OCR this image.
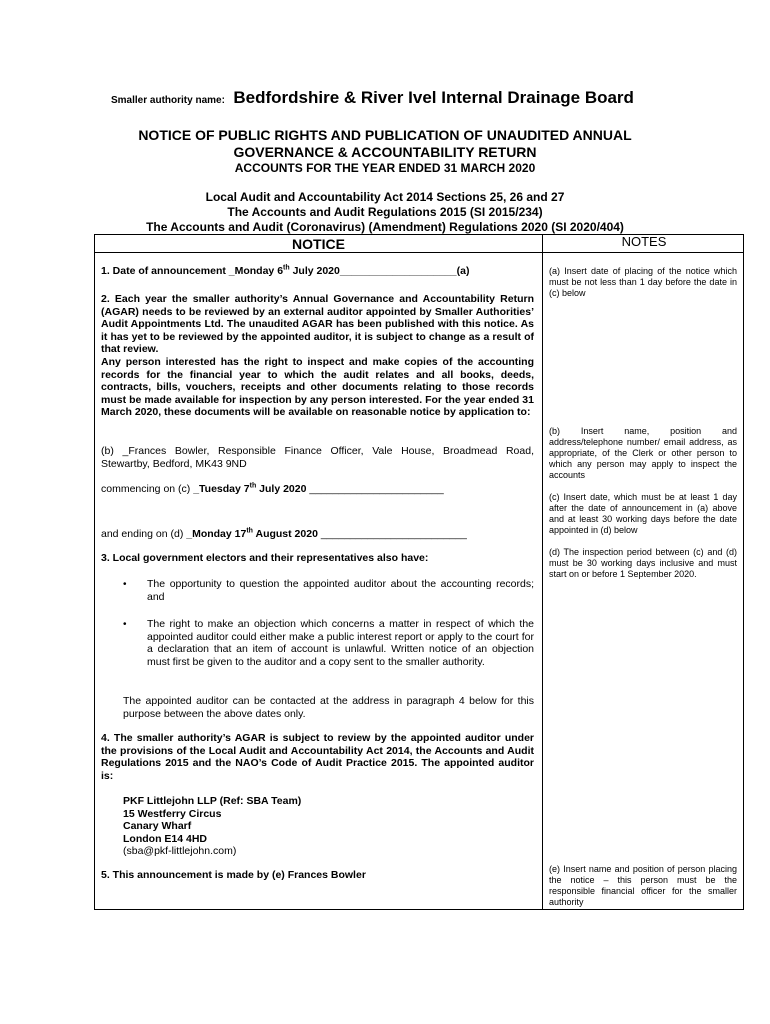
Smaller authority name: Bedfordshire & River Ivel Internal Drainage Board
NOTICE OF PUBLIC RIGHTS AND PUBLICATION OF UNAUDITED ANNUAL
GOVERNANCE & ACCOUNTABILITY RETURN
ACCOUNTS FOR THE YEAR ENDED 31 MARCH 2020
Local Audit and Accountability Act 2014 Sections 25, 26 and 27
The Accounts and Audit Regulations 2015 (SI 2015/234)
The Accounts and Audit (Coronavirus) (Amendment) Regulations 2020 (SI 2020/404)
NOTICE	NOTES
1. Date of announcement _Monday 6th July 2020____________________(a)
2. Each year the smaller authority’s Annual Governance and Accountability Return (AGAR) needs to be reviewed by an external auditor appointed by Smaller Authorities’ Audit Appointments Ltd. The unaudited AGAR has been published with this notice. As it has yet to be reviewed by the appointed auditor, it is subject to change as a result of that review.
Any person interested has the right to inspect and make copies of the accounting records for the financial year to which the audit relates and all books, deeds, contracts, bills, vouchers, receipts and other documents relating to those records must be made available for inspection by any person interested. For the year ended 31 March 2020, these documents will be available on reasonable notice by application to:
(b) _Frances Bowler, Responsible Finance Officer, Vale House, Broadmead Road, Stewartby, Bedford, MK43 9ND
commencing on (c) _Tuesday 7th July 2020 _______________________
and ending on (d) _Monday 17th August 2020 _________________________
3. Local government electors and their representatives also have:
• The opportunity to question the appointed auditor about the accounting records; and
• The right to make an objection which concerns a matter in respect of which the appointed auditor could either make a public interest report or apply to the court for a declaration that an item of account is unlawful. Written notice of an objection must first be given to the auditor and a copy sent to the smaller authority.
The appointed auditor can be contacted at the address in paragraph 4 below for this purpose between the above dates only.
4. The smaller authority’s AGAR is subject to review by the appointed auditor under the provisions of the Local Audit and Accountability Act 2014, the Accounts and Audit Regulations 2015 and the NAO’s Code of Audit Practice 2015. The appointed auditor is:
PKF Littlejohn LLP (Ref: SBA Team)
15 Westferry Circus
Canary Wharf
London E14 4HD
(sba@pkf-littlejohn.com)
5. This announcement is made by (e) Frances Bowler
(a) Insert date of placing of the notice which must be not less than 1 day before the date in (c) below
(b) Insert name, position and address/telephone number/ email address, as appropriate, of the Clerk or other person to which any person may apply to inspect the accounts
(c) Insert date, which must be at least 1 day after the date of announcement in (a) above and at least 30 working days before the date appointed in (d) below
(d) The inspection period between (c) and (d) must be 30 working days inclusive and must start on or before 1 September 2020.
(e) Insert name and position of person placing the notice – this person must be the responsible financial officer for the smaller authority
